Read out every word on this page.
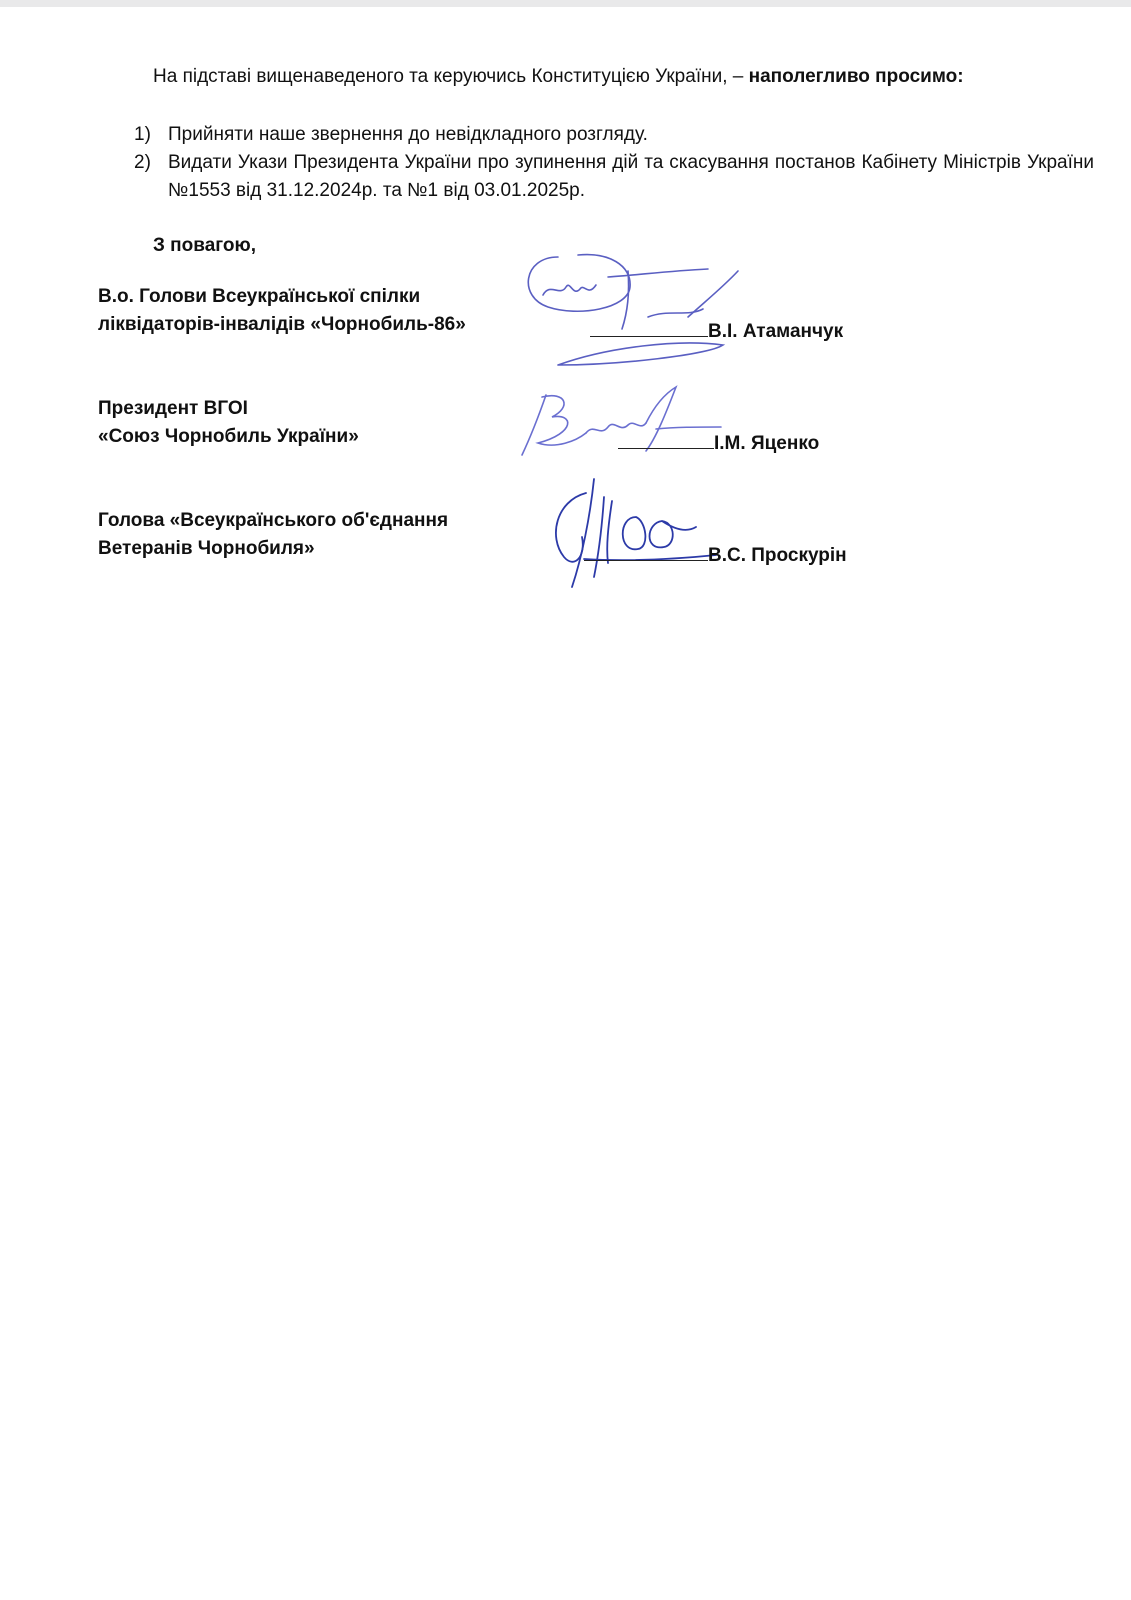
На підставі вищенаведеного та керуючись Конституцією України, – наполегливо просимо:
1) Прийняти наше звернення до невідкладного розгляду.
2) Видати Укази Президента України про зупинення дій та скасування постанов Кабінету Міністрів України №1553 від 31.12.2024р. та №1 від 03.01.2025р.
З повагою,
В.о. Голови Всеукраїнської спілки
ліквідаторів-інвалідів «Чорнобиль-86»	В.І. Атаманчук
Президент ВГОІ
«Союз Чорнобиль України»	І.М. Яценко
Голова «Всеукраїнського об'єднання
Ветеранів Чорнобиля»	В.С. Проскурін
